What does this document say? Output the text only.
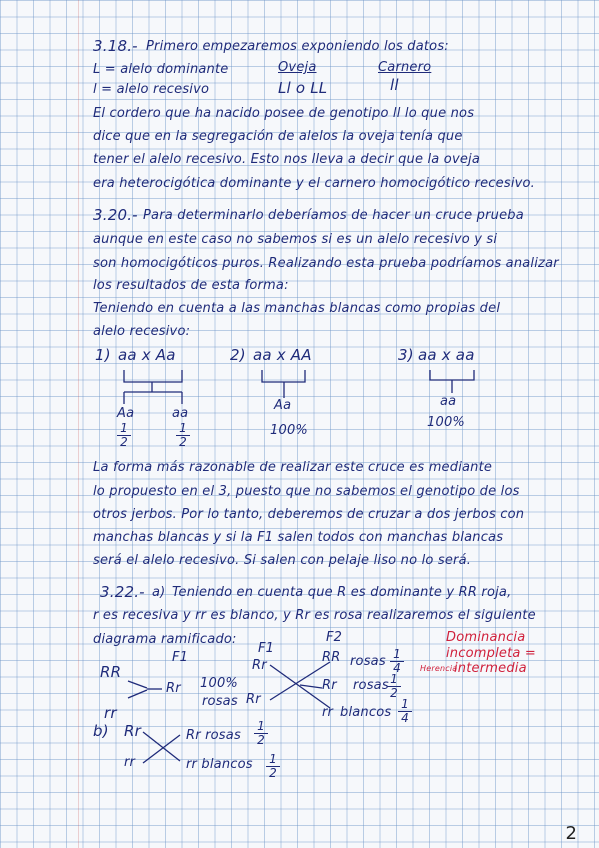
3.18.- Primero empezaremos exponiendo los datos:
L = alelo dominante	Oveja	Carnero
l = alelo recesivo	Ll o LL	ll
El cordero que ha nacido posee de genotipo ll lo que nos
dice que en la segregación de alelos la oveja tenía que
tener el alelo recesivo. Esto nos lleva a decir que la oveja
era heterocigótica dominante y el carnero homocigótico recesivo.
3.20.- Para determinarlo deberíamos de hacer un cruce prueba
aunque en este caso no sabemos si es un alelo recesivo y si
son homocigóticos puros. Realizando esta prueba podríamos analizar
los resultados de esta forma:
Teniendo en cuenta a las manchas blancas como propias del
alelo recesivo:
1) aa x Aa	2) aa x AA	3) aa x aa
Aa	aa
$\frac{1}{2}$	$\frac{1}{2}$
Aa
100%
aa
100%
La forma más razonable de realizar este cruce es mediante
lo propuesto en el 3, puesto que no sabemos el genotipo de los
otros jerbos. Por lo tanto, deberemos de cruzar a dos jerbos con
manchas blancas y si la F1 salen todos con manchas blancas
será el alelo recesivo. Si salen con pelaje liso no lo será.
3.22.- a) Teniendo en cuenta que R es dominante y RR roja,
r es recesiva y rr es blanco, y Rr es rosa realizaremos el siguiente
diagrama ramificado:
F1
F1
F2
RR
rr
Rr 100%
rosas
Rr
Rr
RR rosas $\frac{1}{4}$
Rr rosas
$\frac{1}{2}$
rr blancos $\frac{1}{4}$
Dominancia
incompleta =
Herencia
intermedia
b) Rr
rr
Rr rosas $\frac{1}{2}$
rr blancos $\frac{1}{2}$
2
